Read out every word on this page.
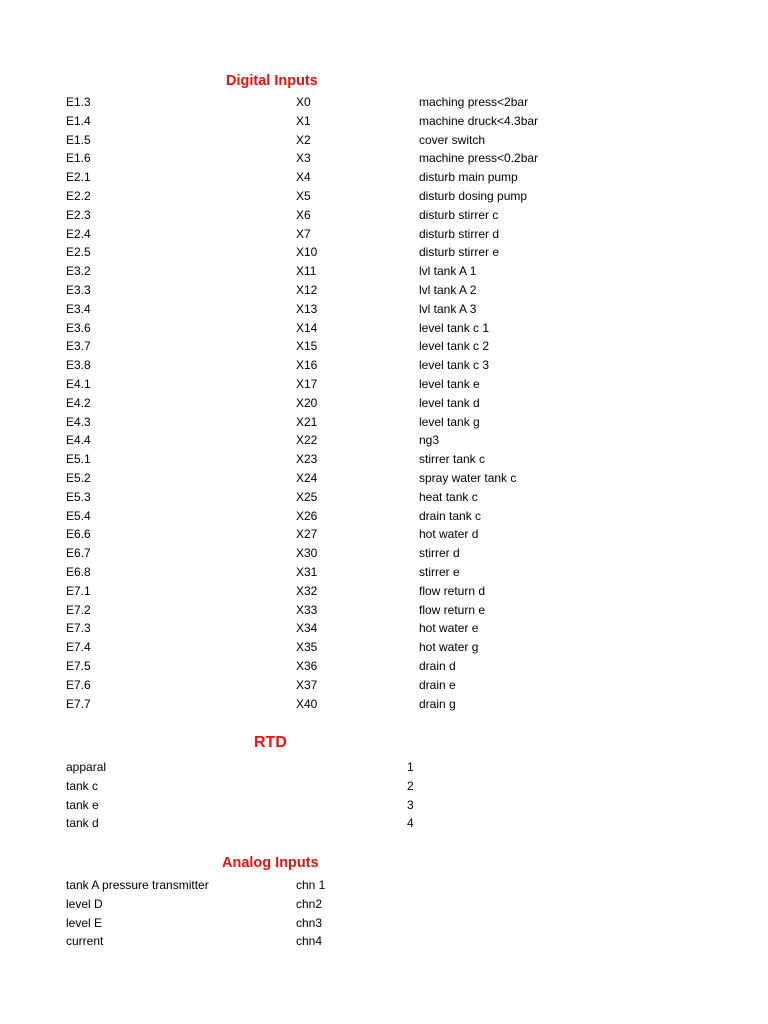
Digital Inputs
E1.3	X0	maching press<2bar
E1.4	X1	machine druck<4.3bar
E1.5	X2	cover switch
E1.6	X3	machine press<0.2bar
E2.1	X4	disturb main pump
E2.2	X5	disturb dosing pump
E2.3	X6	disturb stirrer c
E2.4	X7	disturb stirrer d
E2.5	X10	disturb stirrer e
E3.2	X11	lvl tank A 1
E3.3	X12	lvl tank A 2
E3.4	X13	lvl tank A 3
E3.6	X14	level tank c 1
E3.7	X15	level tank c 2
E3.8	X16	level tank c 3
E4.1	X17	level tank e
E4.2	X20	level tank d
E4.3	X21	level tank g
E4.4	X22	ng3
E5.1	X23	stirrer tank c
E5.2	X24	spray water tank c
E5.3	X25	heat tank c
E5.4	X26	drain tank c
E6.6	X27	hot water d
E6.7	X30	stirrer d
E6.8	X31	stirrer e
E7.1	X32	flow return d
E7.2	X33	flow return e
E7.3	X34	hot water e
E7.4	X35	hot water g
E7.5	X36	drain d
E7.6	X37	drain e
E7.7	X40	drain g
RTD
apparal	1
tank c	2
tank e	3
tank d	4
Analog Inputs
tank A pressure transmitter	chn 1
level D	chn2
level E	chn3
current	chn4
